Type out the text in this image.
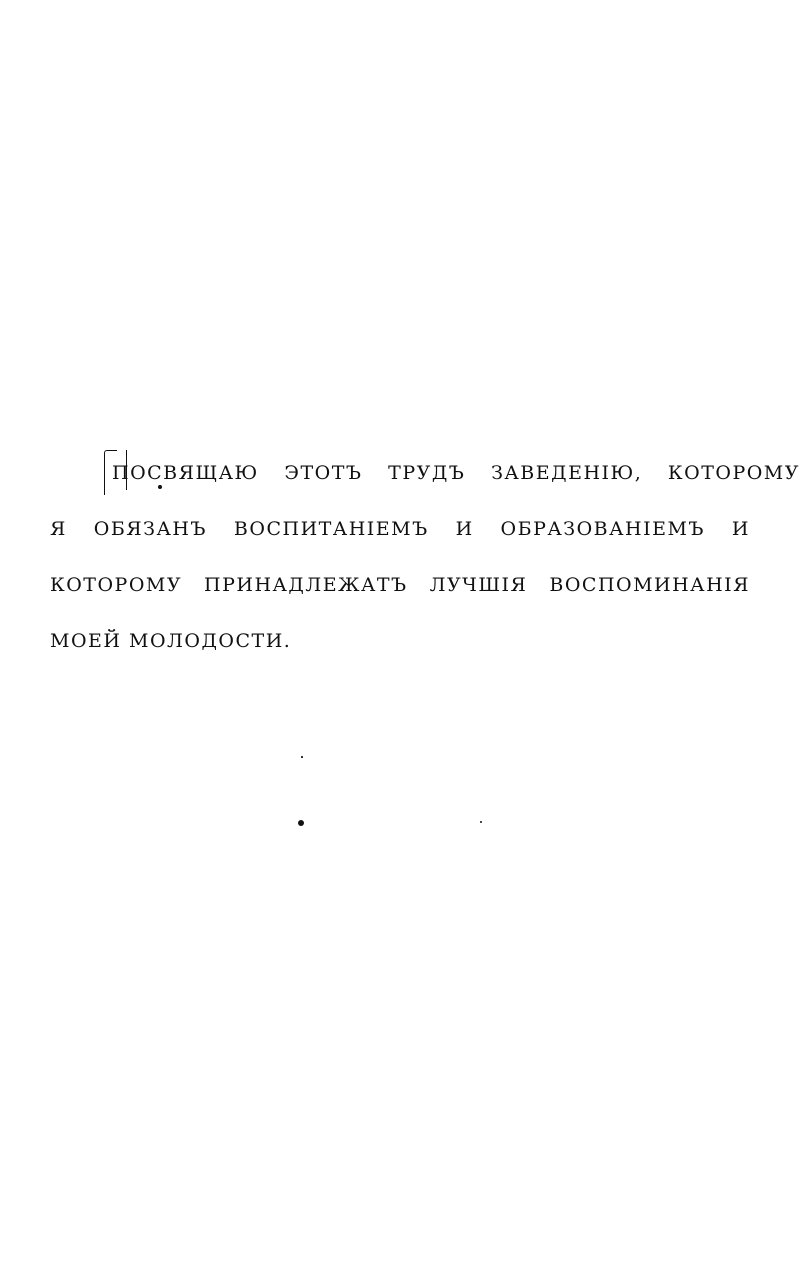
ПОСВЯЩАЮ ЭТОТЪ ТРУДЪ ЗАВЕДЕНІЮ, КОТОРОМУ
Я ОБЯЗАНЪ ВОСПИТАНІЕМЪ И ОБРАЗОВАНІЕМЪ И
КОТОРОМУ ПРИНАДЛЕЖАТЪ ЛУЧШІЯ ВОСПОМИНАНІЯ
МОЕЙ МОЛОДОСТИ.
